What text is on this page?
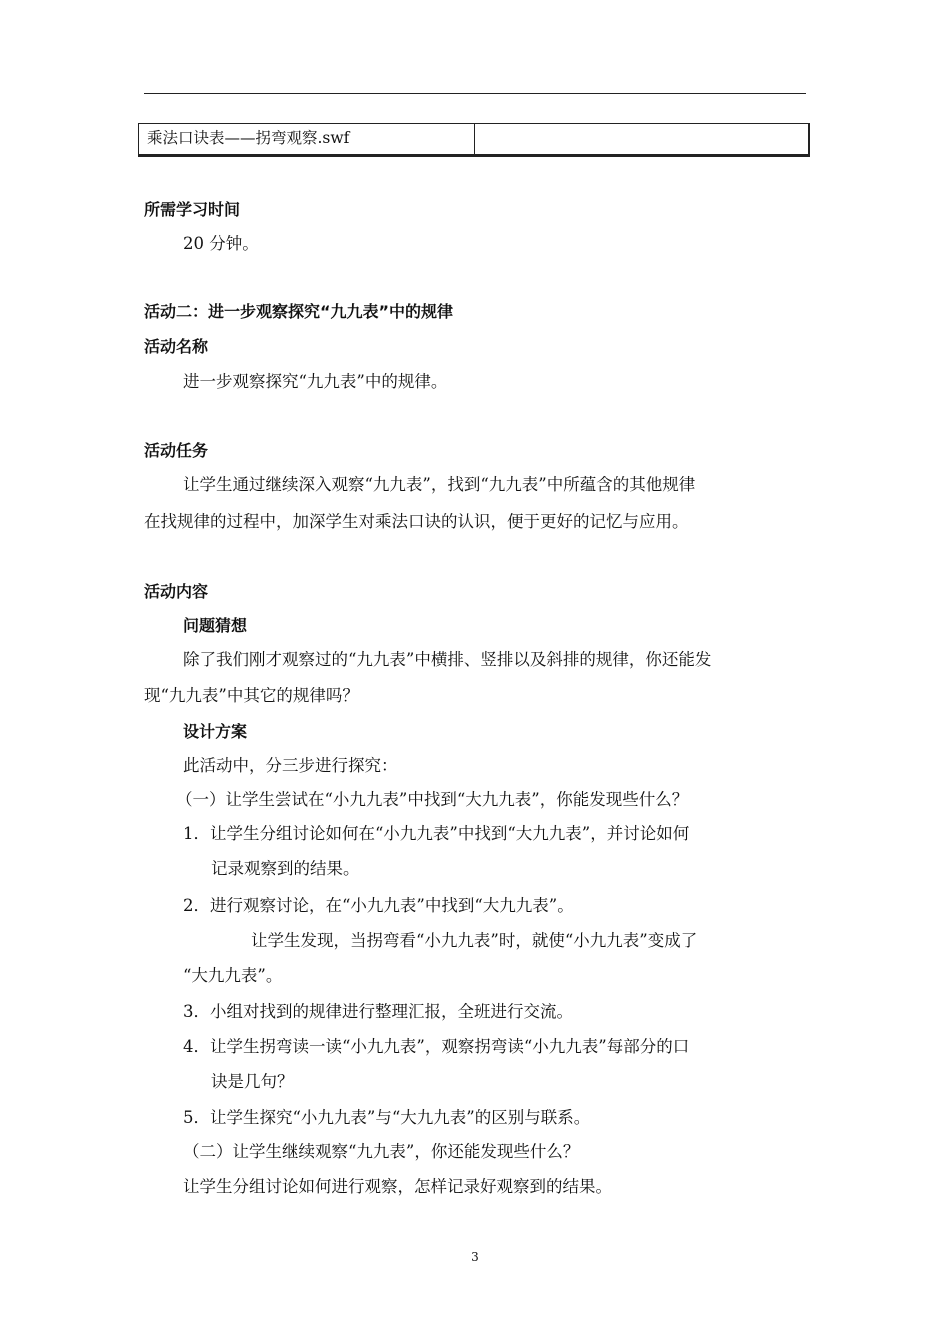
乘法口诀表——拐弯观察.swf
所需学习时间
20 分钟。
活动二：进一步观察探究“九九表”中的规律
活动名称
进一步观察探究“九九表”中的规律。
活动任务
让学生通过继续深入观察“九九表”，找到“九九表”中所蕴含的其他规律
在找规律的过程中，加深学生对乘法口诀的认识，便于更好的记忆与应用。
活动内容
问题猜想
除了我们刚才观察过的“九九表”中横排、竖排以及斜排的规律，你还能发
现“九九表”中其它的规律吗？
设计方案
此活动中，分三步进行探究：
（一）让学生尝试在“小九九表”中找到“大九九表”，你能发现些什么？
1．让学生分组讨论如何在“小九九表”中找到“大九九表”，并讨论如何
记录观察到的结果。
2．进行观察讨论，在“小九九表”中找到“大九九表”。
让学生发现，当拐弯看“小九九表”时，就使“小九九表”变成了
“大九九表”。
3．小组对找到的规律进行整理汇报，全班进行交流。
4．让学生拐弯读一读“小九九表”，观察拐弯读“小九九表”每部分的口
诀是几句？
5．让学生探究“小九九表”与“大九九表”的区别与联系。
（二）让学生继续观察“九九表”，你还能发现些什么？
让学生分组讨论如何进行观察，怎样记录好观察到的结果。
3
